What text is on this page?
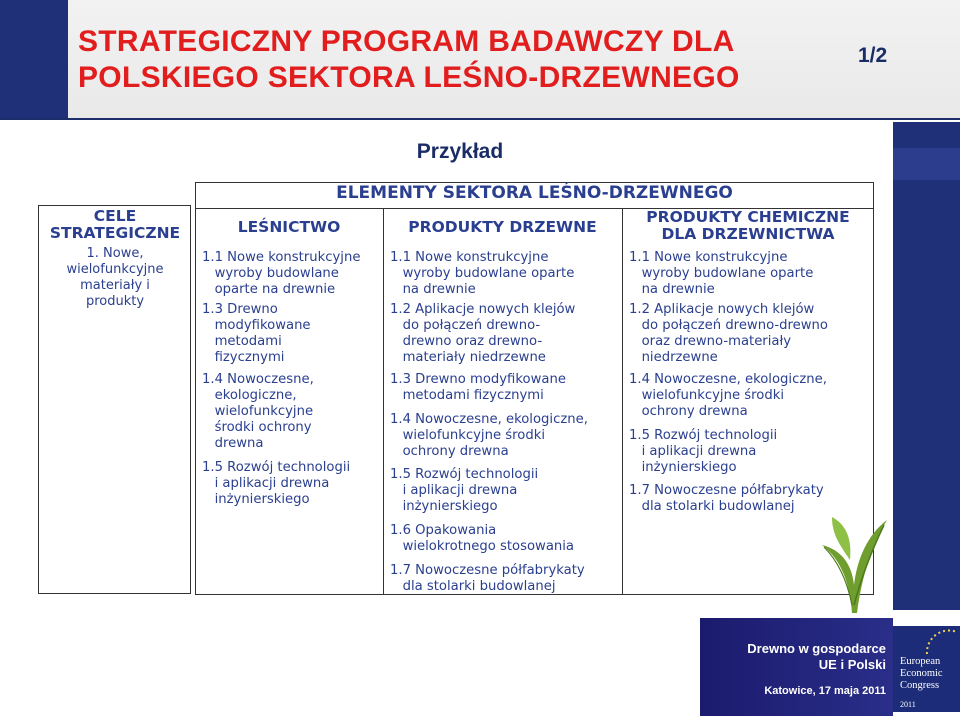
STRATEGICZNY PROGRAM BADAWCZY DLA
POLSKIEGO SEKTORA LEŚNO-DRZEWNEGO
1/2
Przykład
CELE
STRATEGICZNE
1. Nowe,
wielofunkcyjne
materiały i
produkty
ELEMENTY SEKTORA LEŚNO-DRZEWNEGO
LEŚNICTWO	PRODUKTY DRZEWNE
PRODUKTY CHEMICZNE
DLA DRZEWNICTWA
1.1 Nowe konstrukcyjne
wyroby budowlane
oparte na drewnie
1.3 Drewno
modyfikowane
metodami
fizycznymi
1.4 Nowoczesne,
ekologiczne,
wielofunkcyjne
środki ochrony
drewna
1.5 Rozwój technologii
i aplikacji drewna
inżynierskiego
1.1 Nowe konstrukcyjne
wyroby budowlane oparte
na drewnie
1.2 Aplikacje nowych klejów
do połączeń drewno-
drewno oraz drewno-
materiały niedrzewne
1.3 Drewno modyfikowane
metodami fizycznymi
1.4 Nowoczesne, ekologiczne,
wielofunkcyjne środki
ochrony drewna
1.5 Rozwój technologii
i aplikacji drewna
inżynierskiego
1.6 Opakowania
wielokrotnego stosowania
1.7 Nowoczesne półfabrykaty
dla stolarki budowlanej
1.1 Nowe konstrukcyjne
wyroby budowlane oparte
na drewnie
1.2 Aplikacje nowych klejów
do połączeń drewno-drewno
oraz drewno-materiały
niedrzewne
1.4 Nowoczesne, ekologiczne,
wielofunkcyjne środki
ochrony drewna
1.5 Rozwój technologii
i aplikacji drewna
inżynierskiego
1.7 Nowoczesne półfabrykaty
dla stolarki budowlanej
Drewno w gospodarce
UE i Polski
Katowice, 17 maja 2011
European
Economic
Congress
2011
